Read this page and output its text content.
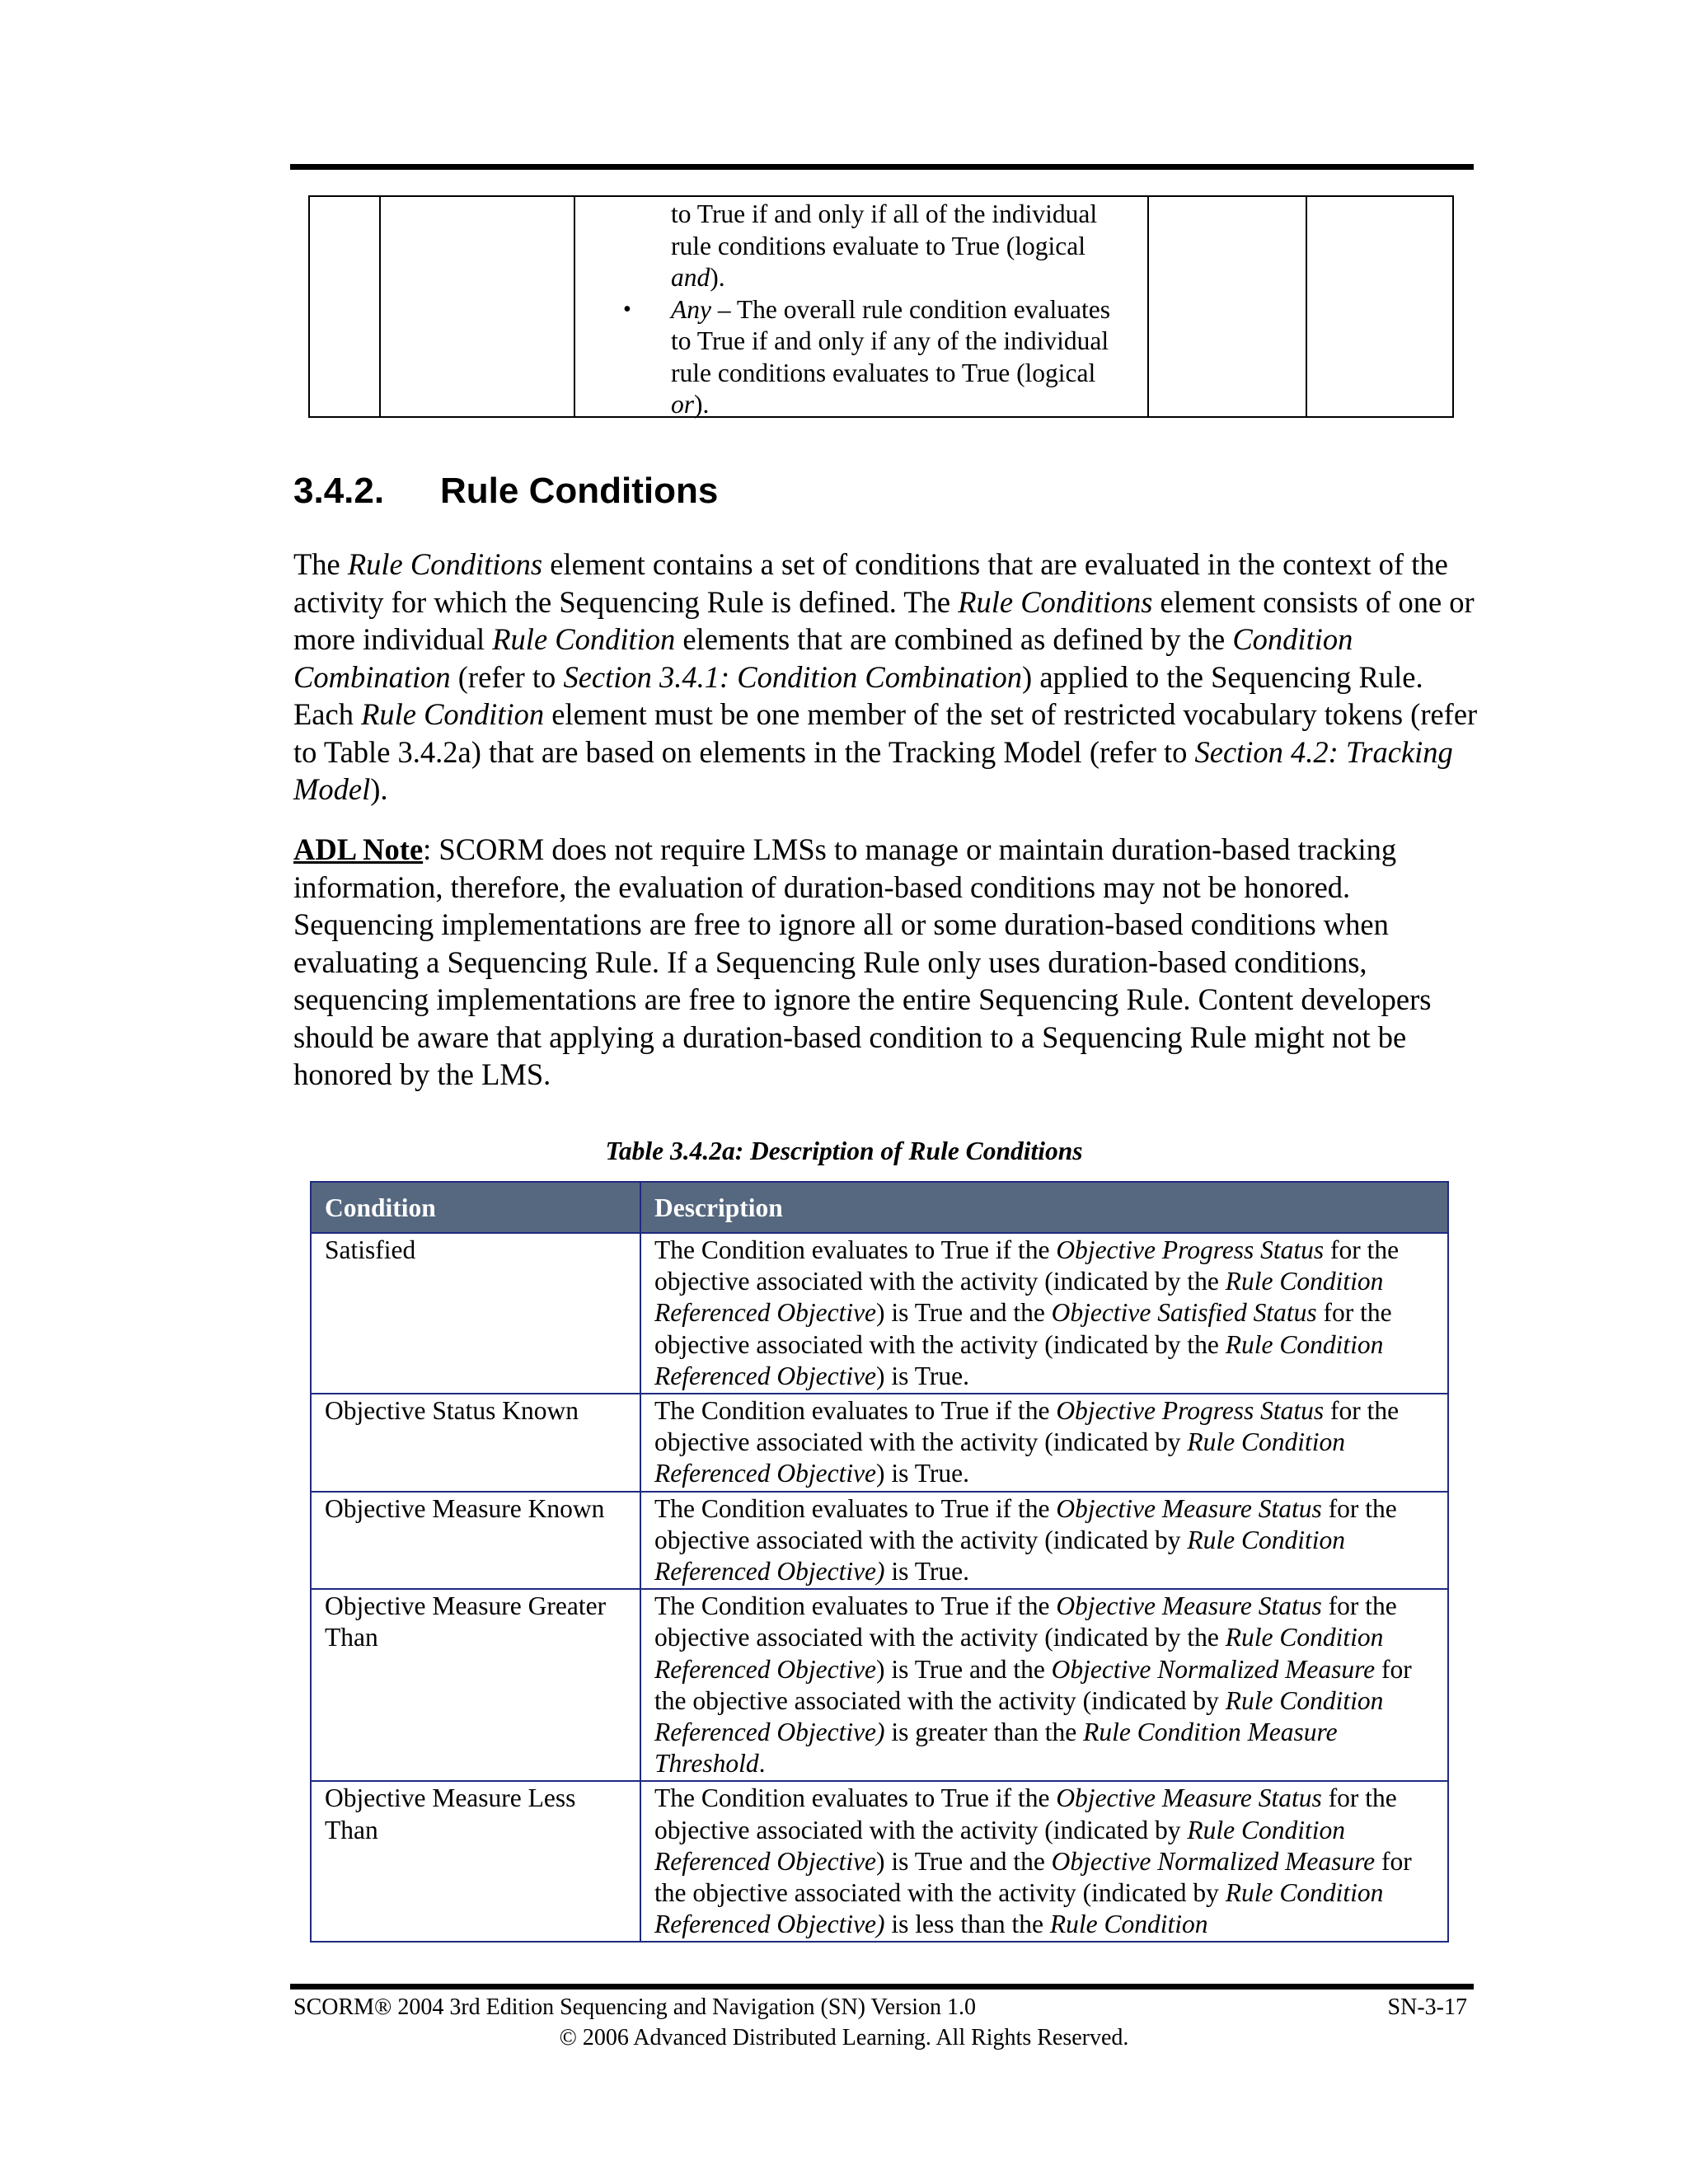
•
to True if and only if all of the individual
rule conditions evaluate to True (logical
and).
Any – The overall rule condition evaluates
to True if and only if any of the individual
rule conditions evaluates to True (logical
or).
3.4.2. Rule Conditions

The Rule Conditions element contains a set of conditions that are evaluated in the context of the activity for which the Sequencing Rule is defined. The Rule Conditions element consists of one or more individual Rule Condition elements that are combined as defined by the Condition Combination (refer to Section 3.4.1: Condition Combination) applied to the Sequencing Rule. Each Rule Condition element must be one member of the set of restricted vocabulary tokens (refer to Table 3.4.2a) that are based on elements in the Tracking Model (refer to Section 4.2: Tracking Model).

ADL Note: SCORM does not require LMSs to manage or maintain duration-based tracking information, therefore, the evaluation of duration-based conditions may not be honored. Sequencing implementations are free to ignore all or some duration-based conditions when evaluating a Sequencing Rule. If a Sequencing Rule only uses duration-based conditions, sequencing implementations are free to ignore the entire Sequencing Rule. Content developers should be aware that applying a duration-based condition to a Sequencing Rule might not be honored by the LMS.

Table 3.4.2a: Description of Rule Conditions
Condition	Description
Satisfied	The Condition evaluates to True if the Objective Progress Status for the objective associated with the activity (indicated by the Rule Condition Referenced Objective) is True and the Objective Satisfied Status for the objective associated with the activity (indicated by the Rule Condition Referenced Objective) is True.
Objective Status Known	The Condition evaluates to True if the Objective Progress Status for the objective associated with the activity (indicated by Rule Condition Referenced Objective) is True.
Objective Measure Known	The Condition evaluates to True if the Objective Measure Status for the objective associated with the activity (indicated by Rule Condition Referenced Objective) is True.
Objective Measure Greater Than	The Condition evaluates to True if the Objective Measure Status for the objective associated with the activity (indicated by the Rule Condition Referenced Objective) is True and the Objective Normalized Measure for the objective associated with the activity (indicated by Rule Condition Referenced Objective) is greater than the Rule Condition Measure Threshold.
Objective Measure Less Than	The Condition evaluates to True if the Objective Measure Status for the objective associated with the activity (indicated by Rule Condition Referenced Objective) is True and the Objective Normalized Measure for the objective associated with the activity (indicated by Rule Condition Referenced Objective) is less than the Rule Condition
SCORM® 2004 3rd Edition Sequencing and Navigation (SN) Version 1.0	SN-3-17
© 2006 Advanced Distributed Learning. All Rights Reserved.
